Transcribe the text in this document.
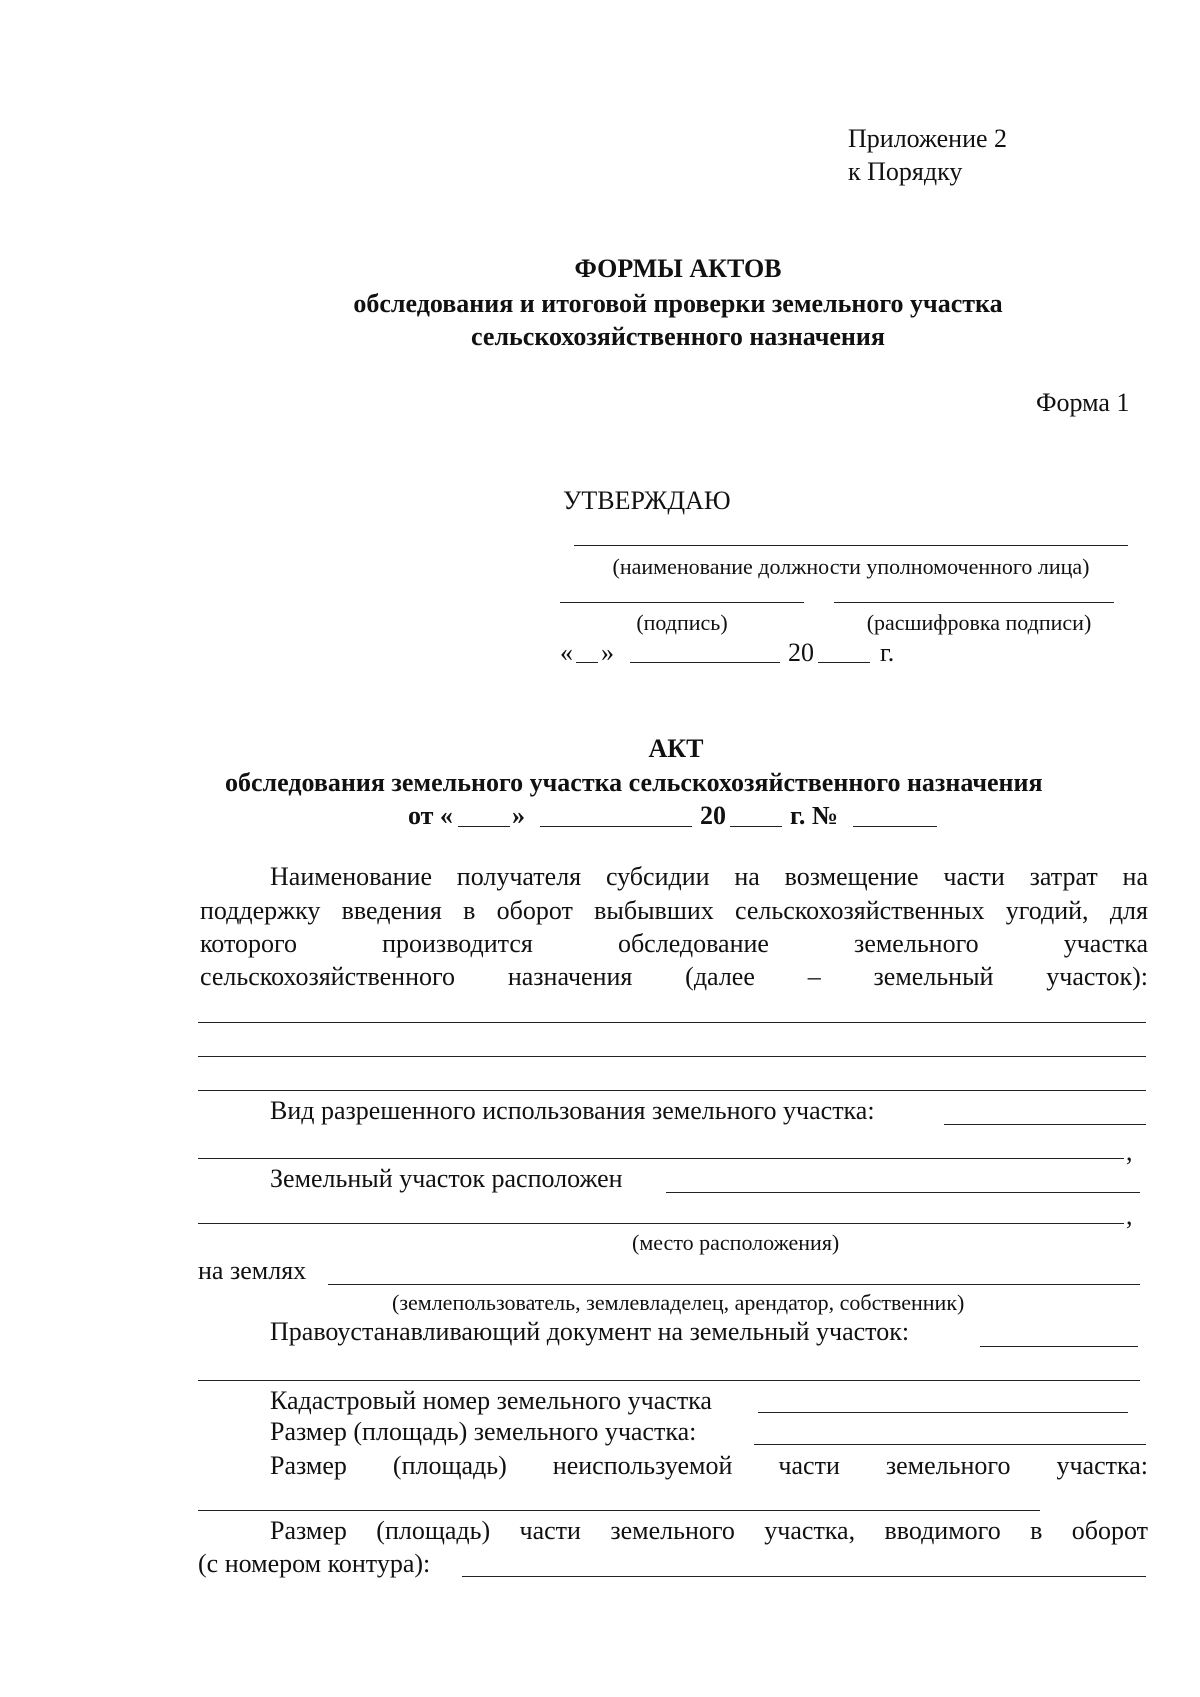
Приложение 2
к Порядку
ФОРМЫ АКТОВ
обследования и итоговой проверки земельного участка
сельскохозяйственного назначения
Форма 1
УТВЕРЖДАЮ
(наименование должности уполномоченного лица)
(подпись)	(расшифровка подписи)
« »	20	г.
АКТ
обследования земельного участка сельскохозяйственного назначения
от « »	20 г. №
Наименование получателя субсидии на возмещение части затрат на
поддержку введения в оборот выбывших сельскохозяйственных угодий, для
которого	производится	обследование	земельного	участка
сельскохозяйственного назначения (далее – земельный участок):
Вид разрешенного использования земельного участка:
,
Земельный участок расположен
,
(место расположения)
на землях
(землепользователь, землевладелец, арендатор, собственник)
Правоустанавливающий документ на земельный участок:
Кадастровый номер земельного участка
Размер (площадь) земельного участка:
Размер (площадь) неиспользуемой части земельного участка:
Размер (площадь) части земельного участка, вводимого в оборот
(с номером контура):
